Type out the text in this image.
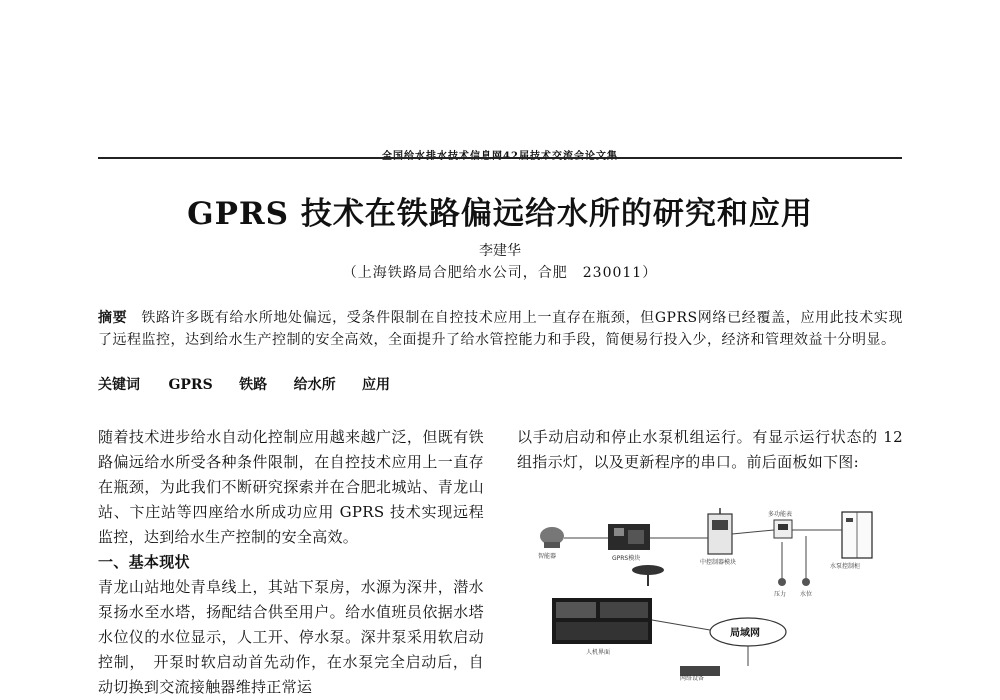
全国给水排水技术信息网42届技术交流会论文集
GPRS 技术在铁路偏远给水所的研究和应用
李建华
（上海铁路局合肥给水公司，合肥　230011）
摘要 铁路许多既有给水所地处偏远，受条件限制在自控技术应用上一直存在瓶颈，但GPRS网络已经覆盖，应用此技术实现了远程监控，达到给水生产控制的安全高效，全面提升了给水管控能力和手段，简便易行投入少，经济和管理效益十分明显。
关键词 GPRS 铁路 给水所 应用

随着技术进步给水自动化控制应用越来越广泛，但既有铁路偏远给水所受各种条件限制，在自控技术应用上一直存在瓶颈，为此我们不断研究探索并在合肥北城站、青龙山站、卞庄站等四座给水所成功应用 GPRS 技术实现远程监控，达到给水生产控制的安全高效。

一、基本现状

青龙山站地处青阜线上，其站下泵房，水源为深井，潜水泵扬水至水塔，扬配结合供至用户。给水值班员依据水塔水位仪的水位显示，人工开、停水泵。深井泵采用软启动控制，　开泵时软启动首先动作，在水泵完全启动后，自动切换到交流接触器维持正常运

以手动启动和停止水泵机组运行。有显示运行状态的 12 组指示灯，以及更新程序的串口。前后面板如下图:

智能器	GPRS模块
中控制器模块
多功能表
水泵控制柜
压力 水位
人机界面
局域网
网络设备
